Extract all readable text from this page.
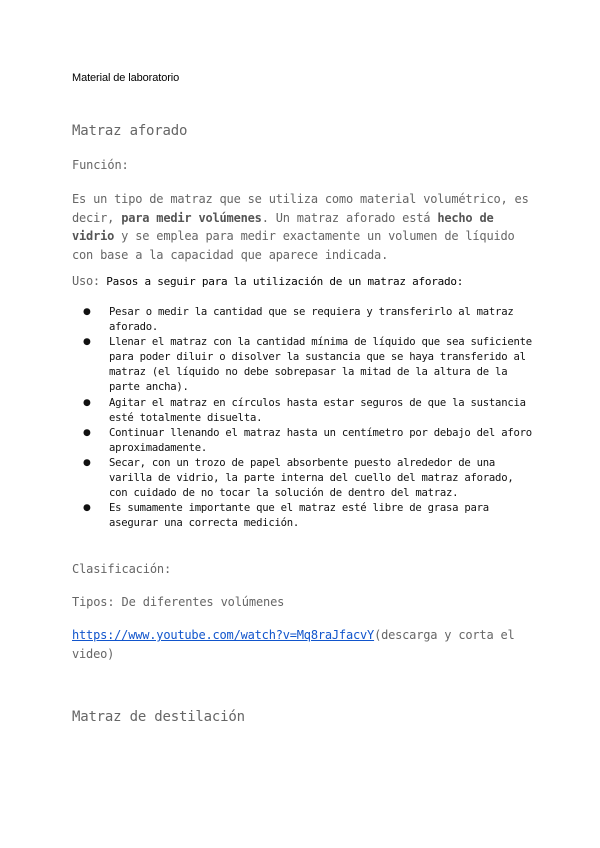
Material de laboratorio
Matraz aforado
Función:
Es un tipo de matraz que se utiliza como material volumétrico, es decir, para medir volúmenes. Un matraz aforado está hecho de vidrio y se emplea para medir exactamente un volumen de líquido con base a la capacidad que aparece indicada.
Uso: Pasos a seguir para la utilización de un matraz aforado:
● Pesar o medir la cantidad que se requiera y transferirlo al matraz aforado.
● Llenar el matraz con la cantidad mínima de líquido que sea suficiente para poder diluir o disolver la sustancia que se haya transferido al matraz (el líquido no debe sobrepasar la mitad de la altura de la parte ancha).
● Agitar el matraz en círculos hasta estar seguros de que la sustancia esté totalmente disuelta.
● Continuar llenando el matraz hasta un centímetro por debajo del aforo aproximadamente.
● Secar, con un trozo de papel absorbente puesto alrededor de una varilla de vidrio, la parte interna del cuello del matraz aforado, con cuidado de no tocar la solución de dentro del matraz.
● Es sumamente importante que el matraz esté libre de grasa para asegurar una correcta medición.
Clasificación:
Tipos: De diferentes volúmenes
https://www.youtube.com/watch?v=Mq8raJfacvY(descarga y corta el video)
Matraz de destilación
